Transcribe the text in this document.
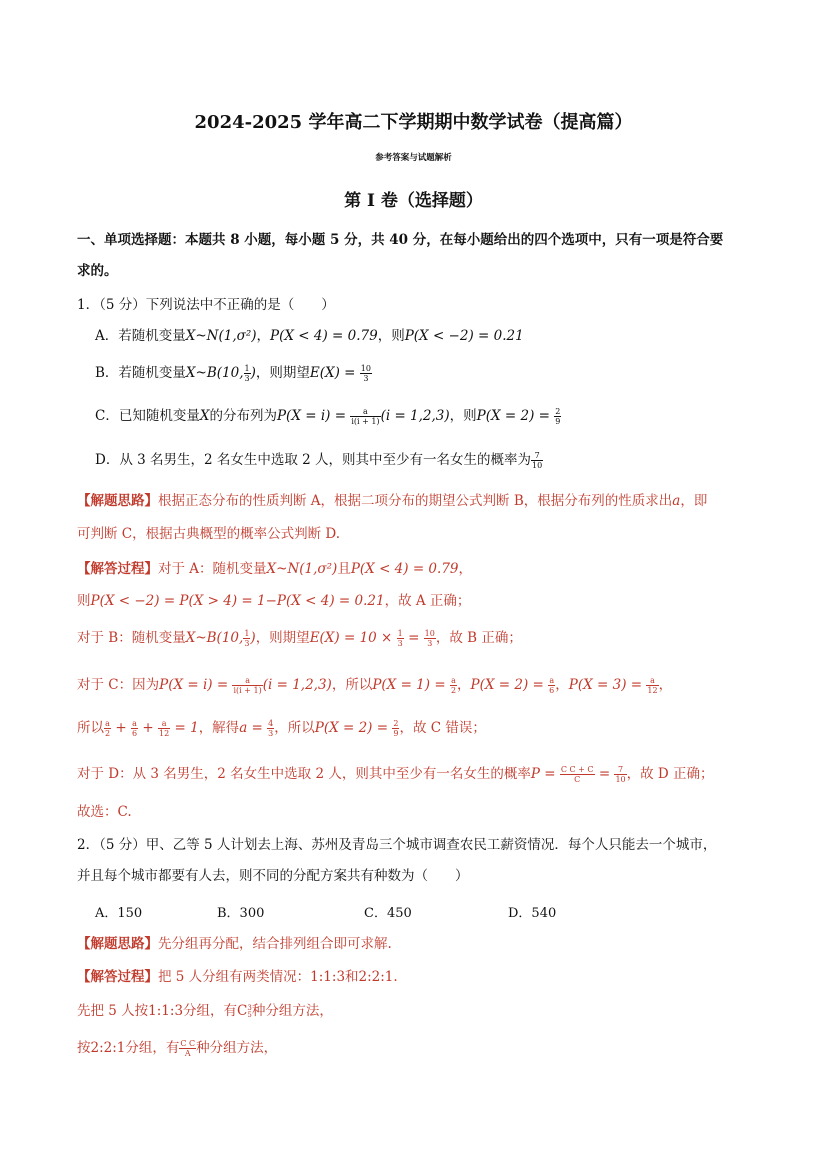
2024-2025 学年高二下学期期中数学试卷（提高篇）
参考答案与试题解析
第 I 卷（选择题）
一、单项选择题：本题共 8 小题，每小题 5 分，共 40 分，在每小题给出的四个选项中，只有一项是符合要
求的。
1．（5 分）下列说法中不正确的是（　　）
A．若随机变量X~N(1,σ²)，P(X < 4) = 0.79，则P(X < −2) = 0.21
B．若随机变量X~B(10, $\frac{1}{3}$ )，则期望$E(X) = \frac{10}{3}$
C．已知随机变量X的分布列为$P(X = i) = \frac{a}{i(i + 1)} (i = 1,2,3)$，则$P(X = 2) = \frac{2}{9}$
D．从 3 名男生，2 名女生中选取 2 人，则其中至少有一名女生的概率为 $\frac{7}{10}$
【解题思路】根据正态分布的性质判断 A，根据二项分布的期望公式判断 B，根据分布列的性质求出a，即
可判断 C，根据古典概型的概率公式判断 D.
【解答过程】对于 A：随机变量X~N(1,σ²)且P(X < 4) = 0.79，
则P(X < −2) = P(X > 4) = 1−P(X < 4) = 0.21，故 A 正确；
对于 B：随机变量X~B(10, $\frac{1}{3}$ )，则期望$E(X) = 10 \times \frac{1}{3} = \frac{10}{3}$ ，故 B 正确；
对于 C：因为$P(X = i) = \frac{a}{i(i + 1)} (i = 1,2,3)$，所以$P(X = 1) = \frac{a}{2}$ ，$P(X = 2) = \frac{a}{6}$ ，$P(X = 3) = \frac{a}{12}$ ，
所以 $\frac{a}{2} + \frac{a}{6} + \frac{a}{12} = 1$，解得$a = \frac{4}{3}$ ，所以$P(X = 2) = \frac{2}{9}$ ，故 C 错误；
对于 D：从 3 名男生，2 名女生中选取 2 人，则其中至少有一名女生的概率$P = \frac{\text{C C + C}}{C} = \frac{7}{10}$ ，故 D 正确；
故选：C.
2．（5 分）甲、乙等 5 人计划去上海、苏州及青岛三个城市调查农民工薪资情况．每个人只能去一个城市，
并且每个城市都要有人去，则不同的分配方案共有种数为（　　）
A．150	B．300	C．450	D．540
【解题思路】先分组再分配，结合排列组合即可求解.
【解答过程】把 5 人分组有两类情况：1:1:3和2:2:1.
先把 5 人按1:1:3分组，有C 3
5 种分组方法，
按2:2:1分组，有 $\frac{\text{C C}}{A}$ 种分组方法，
